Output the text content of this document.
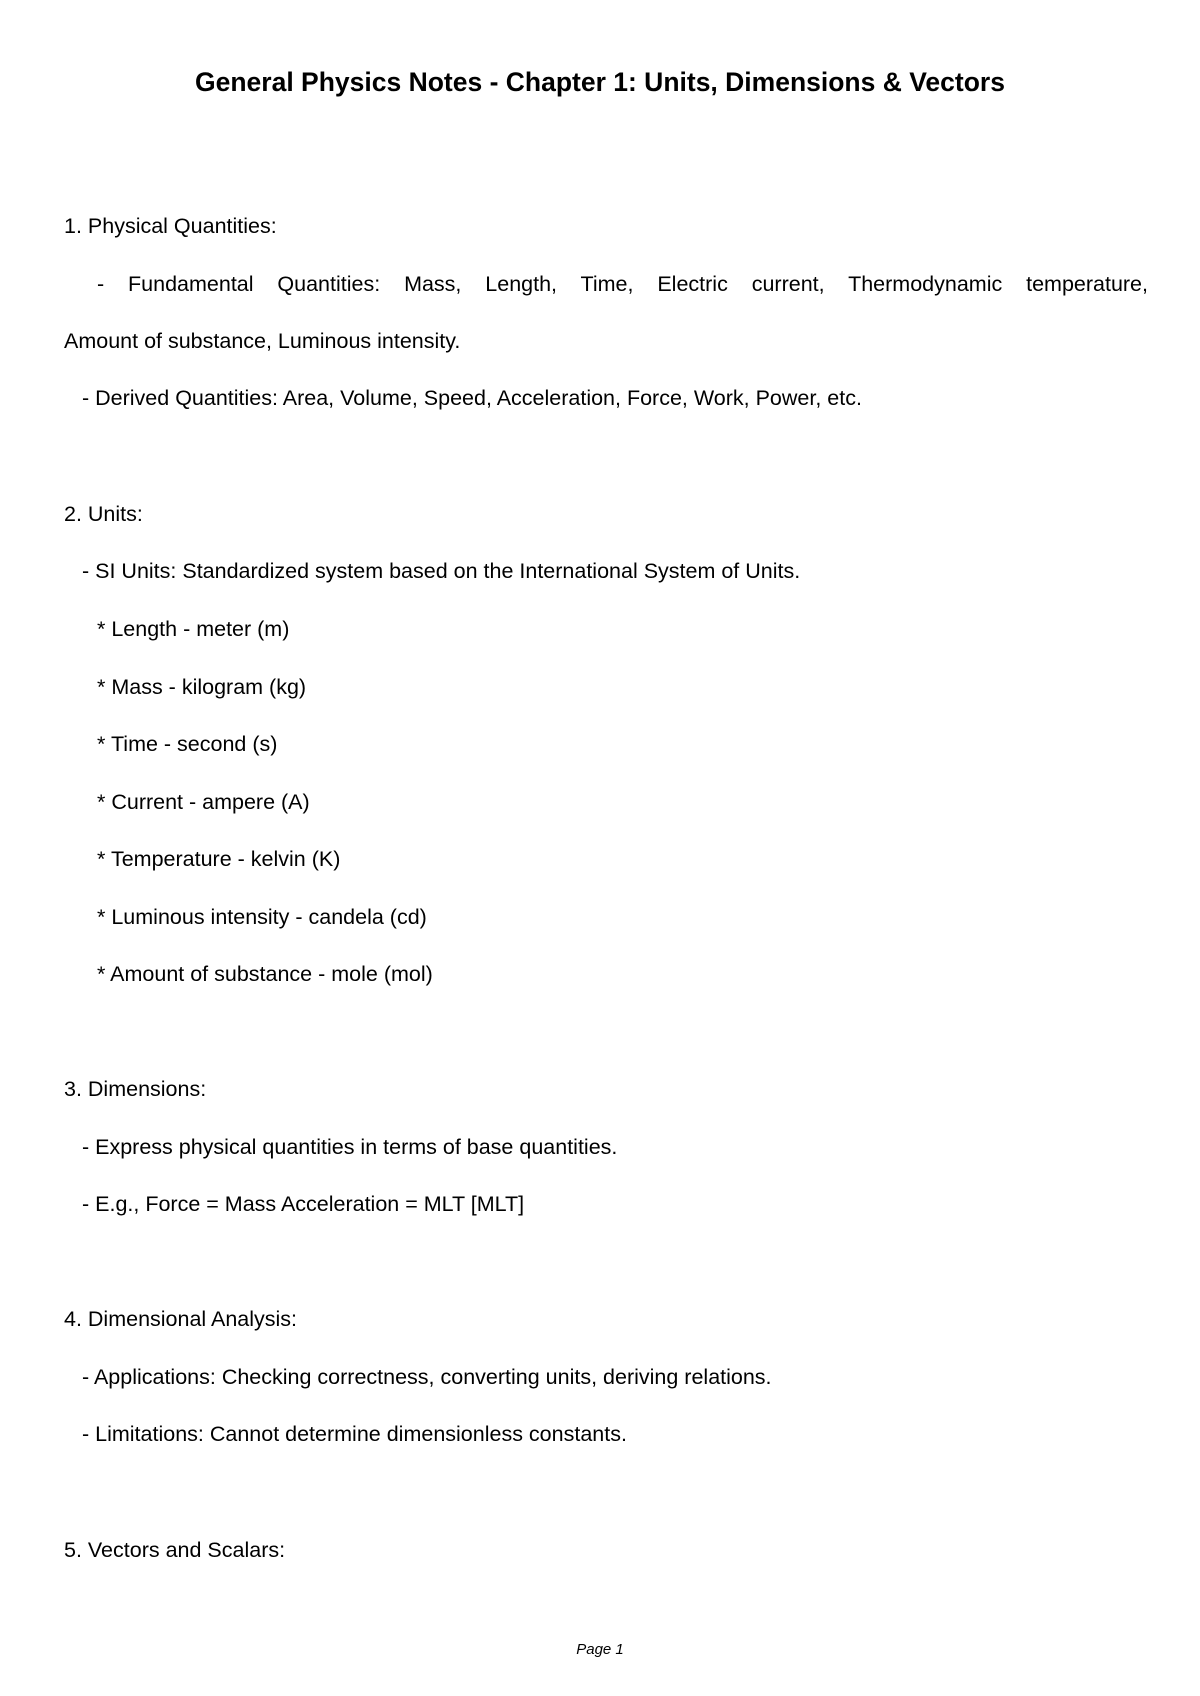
General Physics Notes - Chapter 1: Units, Dimensions & Vectors
1. Physical Quantities:
- Fundamental Quantities: Mass, Length, Time, Electric current, Thermodynamic temperature,
Amount of substance, Luminous intensity.
- Derived Quantities: Area, Volume, Speed, Acceleration, Force, Work, Power, etc.
2. Units:
- SI Units: Standardized system based on the International System of Units.
* Length - meter (m)
* Mass - kilogram (kg)
* Time - second (s)
* Current - ampere (A)
* Temperature - kelvin (K)
* Luminous intensity - candela (cd)
* Amount of substance - mole (mol)
3. Dimensions:
- Express physical quantities in terms of base quantities.
- E.g., Force = Mass Acceleration = MLT [MLT]
4. Dimensional Analysis:
- Applications: Checking correctness, converting units, deriving relations.
- Limitations: Cannot determine dimensionless constants.
5. Vectors and Scalars:
Page 1
